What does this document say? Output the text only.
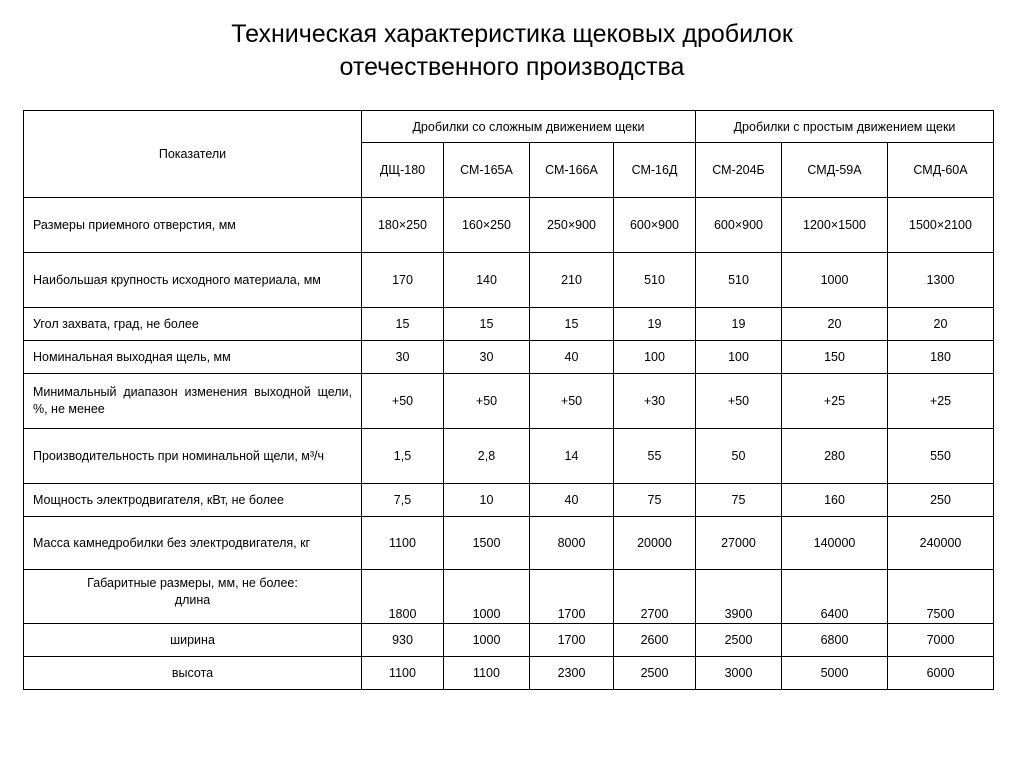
Техническая характеристика щековых дробилок
отечественного производства
Показатели	Дробилки со сложным движением щеки				Дробилки с простым движением щеки		
	ДЩ-180	СМ-165А	СМ-166А	СМ-16Д	СМ-204Б	СМД-59А	СМД-60А
Размеры приемного отверстия, мм	180×250	160×250	250×900	600×900	600×900	1200×1500	1500×2100
Наибольшая крупность исходного материала, мм	170	140	210	510	510	1000	1300
Угол захвата, град, не более	15	15	15	19	19	20	20
Номинальная выходная щель, мм	30	30	40	100	100	150	180
Минимальный диапазон изменения выходной щели, %, не менее	+50	+50	+50	+30	+50	+25	+25
Производительность при номинальной щели, м³/ч	1,5	2,8	14	55	50	280	550
Мощность электродвигателя, кВт, не более	7,5	10	40	75	75	160	250
Масса камнедробилки без электродвигателя, кг	1100	1500	8000	20000	27000	140000	240000

Габаритные размеры, мм, не более:
длина	1800	1000	1700	2700	3900	6400	7500

ширина	930	1000	1700	2600	2500	6800	7000
высота	1100	1100	2300	2500	3000	5000	6000
